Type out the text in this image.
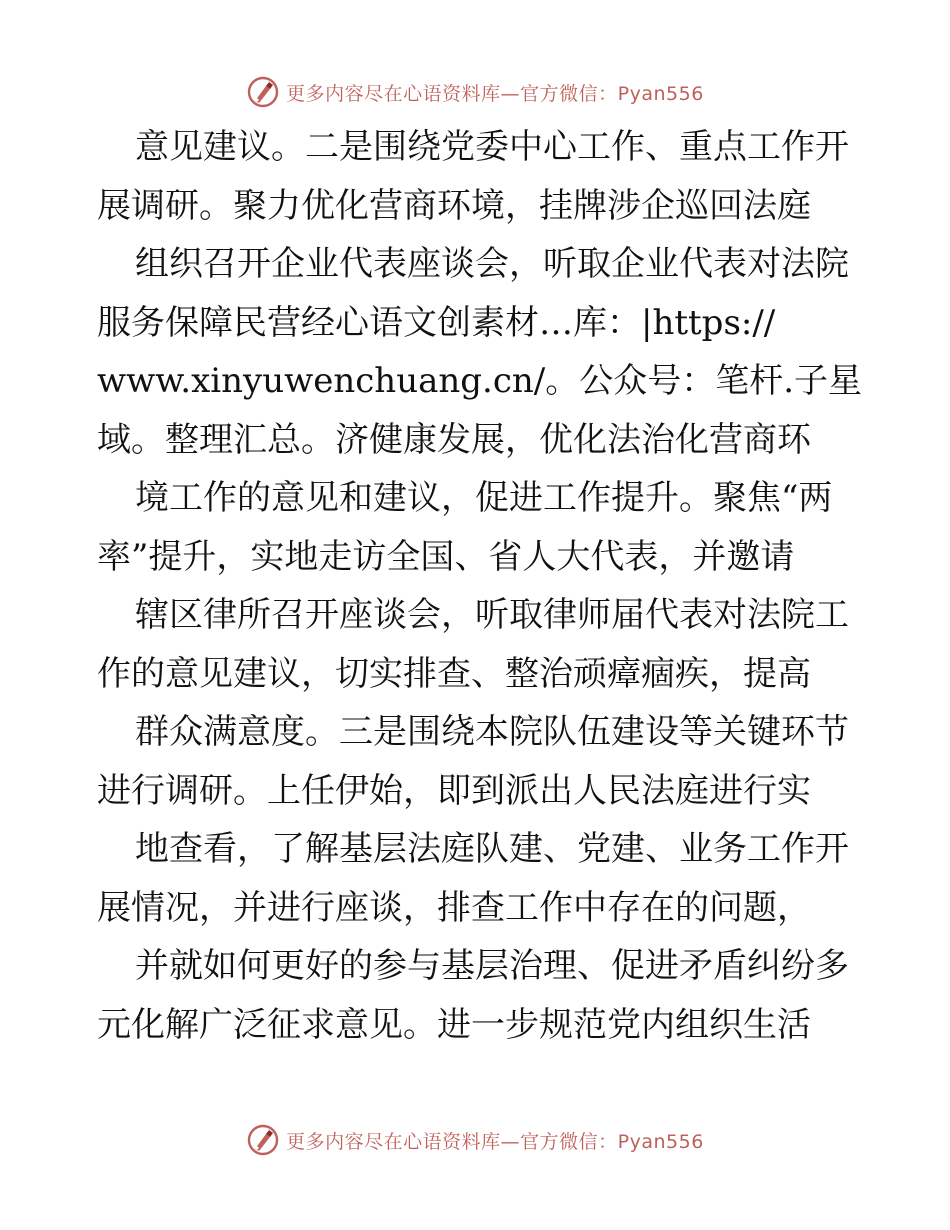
更多内容尽在心语资料库—官方微信：Pyan556
意见建议。二是围绕党委中心工作、重点工作开
展调研。聚力优化营商环境，挂牌涉企巡回法庭
组织召开企业代表座谈会，听取企业代表对法院
服务保障民营经心语文创素材…库：|https://
www.xinyuwenchuang.cn/。公众号：笔杆.子星
域。整理汇总。济健康发展，优化法治化营商环
境工作的意见和建议，促进工作提升。聚焦“两
率”提升，实地走访全国、省人大代表，并邀请
辖区律所召开座谈会，听取律师届代表对法院工
作的意见建议，切实排查、整治顽瘴痼疾，提高
群众满意度。三是围绕本院队伍建设等关键环节
进行调研。上任伊始，即到派出人民法庭进行实
地查看，了解基层法庭队建、党建、业务工作开
展情况，并进行座谈，排查工作中存在的问题，
并就如何更好的参与基层治理、促进矛盾纠纷多
元化解广泛征求意见。进一步规范党内组织生活
更多内容尽在心语资料库—官方微信：Pyan556
